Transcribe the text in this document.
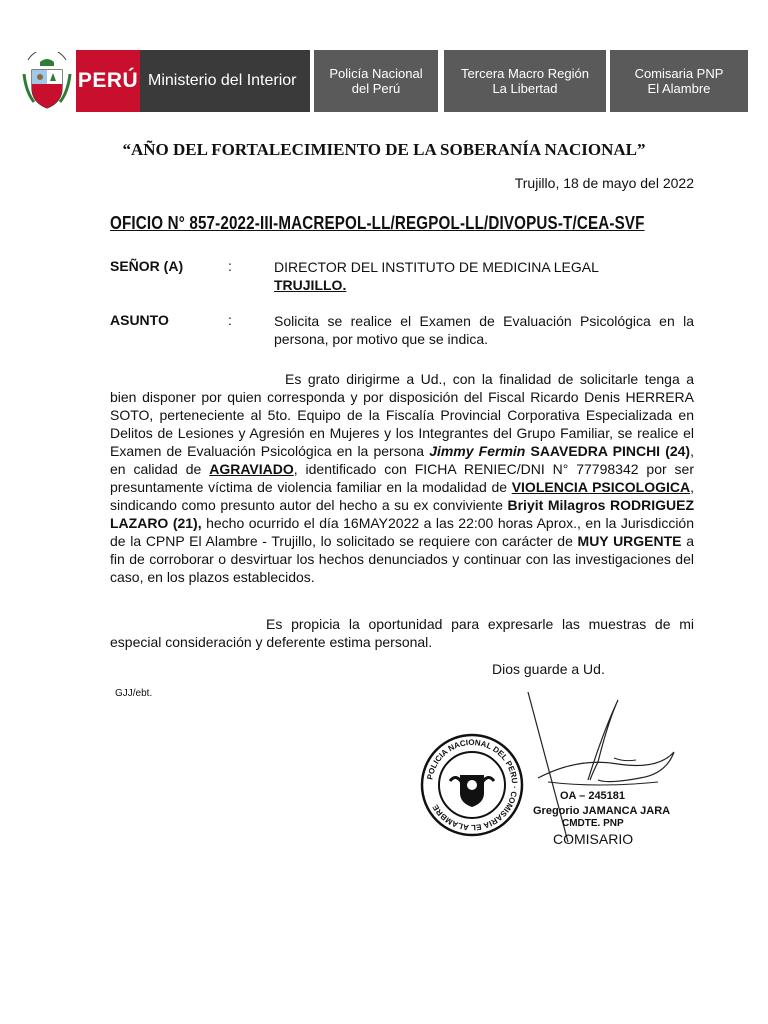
PERÚ Ministerio del Interior	Policía Nacional
del Perú
Tercera Macro Región
La Libertad
Comisaria PNP
El Alambre
“AÑO DEL FORTALECIMIENTO DE LA SOBERANÍA NACIONAL”
Trujillo, 18 de mayo del 2022
OFICIO N° 857-2022-III-MACREPOL-LL/REGPOL-LL/DIVOPUS-T/CEA-SVF
SEÑOR (A)	:	DIRECTOR DEL INSTITUTO DE MEDICINA LEGAL
TRUJILLO.
ASUNTO	:	Solicita se realice el Examen de Evaluación Psicológica en la persona, por motivo que se indica.
Es grato dirigirme a Ud., con la finalidad de solicitarle tenga a bien disponer por quien corresponda y por disposición del Fiscal Ricardo Denis HERRERA SOTO, perteneciente al 5to. Equipo de la Fiscalía Provincial Corporativa Especializada en Delitos de Lesiones y Agresión en Mujeres y los Integrantes del Grupo Familiar, se realice el Examen de Evaluación Psicológica en la persona Jimmy Fermin SAAVEDRA PINCHI (24), en calidad de AGRAVIADO, identificado con FICHA RENIEC/DNI N° 77798342 por ser presuntamente víctima de violencia familiar en la modalidad de VIOLENCIA PSICOLOGICA, sindicando como presunto autor del hecho a su ex conviviente Briyit Milagros RODRIGUEZ LAZARO (21), hecho ocurrido el día 16MAY2022 a las 22:00 horas Aprox., en la Jurisdicción de la CPNP El Alambre - Trujillo, lo solicitado se requiere con carácter de MUY URGENTE a fin de corroborar o desvirtuar los hechos denunciados y continuar con las investigaciones del caso, en los plazos establecidos.
Es propicia la oportunidad para expresarle las muestras de mi especial consideración y deferente estima personal.
Dios guarde a Ud.
GJJ/ebt.
POLICIA NACIONAL DEL PERU · COMISARIA EL ALAMBRE
OA – 245181
Gregorio JAMANCA JARA
CMDTE. PNP
COMISARIO
